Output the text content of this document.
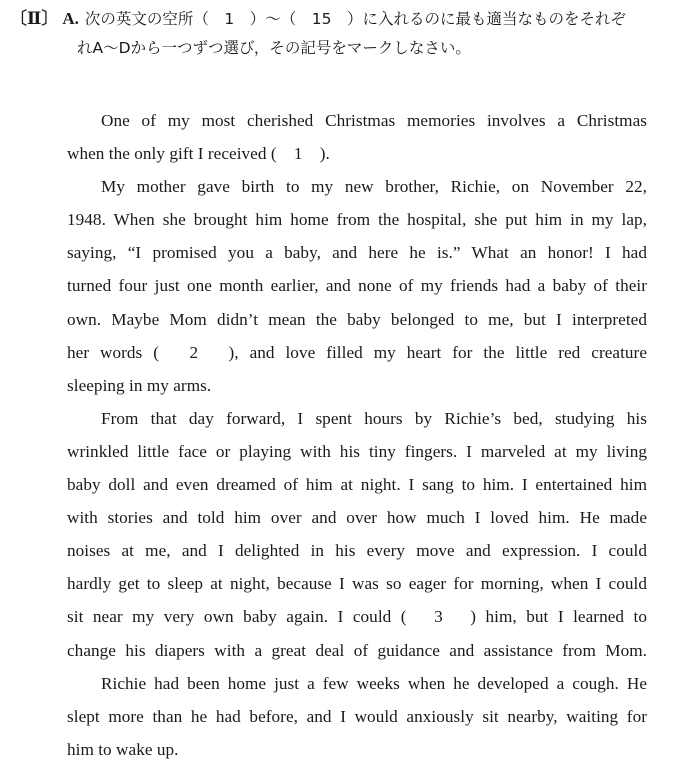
〔Ⅱ〕 A. 次の英文の空所（　1　）〜（　15　）に入れるのに最も適当なものをそれぞ
れA〜Dから一つずつ選び，その記号をマークしなさい。
One of my most cherished Christmas memories involves a Christmas
when the only gift I received (　1　).
My mother gave birth to my new brother, Richie, on November 22,
1948. When she brought him home from the hospital, she put him in my lap,
saying, “I promised you a baby, and here he is.” What an honor! I had
turned four just one month earlier, and none of my friends had a baby of their
own. Maybe Mom didn’t mean the baby belonged to me, but I interpreted
her words (　2　), and love filled my heart for the little red creature
sleeping in my arms.
From that day forward, I spent hours by Richie’s bed, studying his
wrinkled little face or playing with his tiny fingers. I marveled at my living
baby doll and even dreamed of him at night. I sang to him. I entertained him
with stories and told him over and over how much I loved him. He made
noises at me, and I delighted in his every move and expression. I could
hardly get to sleep at night, because I was so eager for morning, when I could
sit near my very own baby again. I could (　3　) him, but I learned to
change his diapers with a great deal of guidance and assistance from Mom.
Richie had been home just a few weeks when he developed a cough. He
slept more than he had before, and I would anxiously sit nearby, waiting for
him to wake up.
